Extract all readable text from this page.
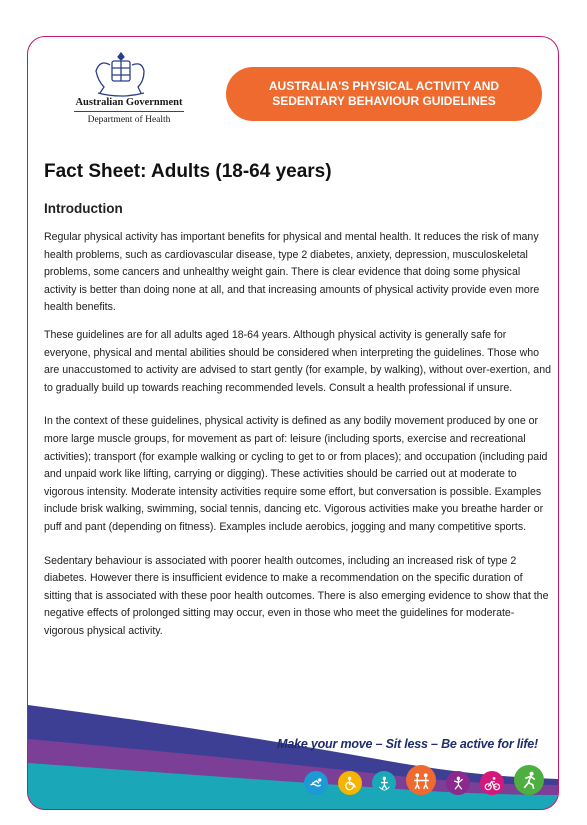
Australian Government
Department of Health
AUSTRALIA'S PHYSICAL ACTIVITY AND
SEDENTARY BEHAVIOUR GUIDELINES
Fact Sheet: Adults (18-64 years)
Introduction

Regular physical activity has important benefits for physical and mental health. It reduces the risk of many health problems, such as cardiovascular disease, type 2 diabetes, anxiety, depression, musculoskeletal problems, some cancers and unhealthy weight gain. There is clear evidence that doing some physical activity is better than doing none at all, and that increasing amounts of physical activity provide even more health benefits.

These guidelines are for all adults aged 18-64 years. Although physical activity is generally safe for everyone, physical and mental abilities should be considered when interpreting the guidelines. Those who are unaccustomed to activity are advised to start gently (for example, by walking), without over-exertion, and to gradually build up towards reaching recommended levels. Consult a health professional if unsure.

In the context of these guidelines, physical activity is defined as any bodily movement produced by one or more large muscle groups, for movement as part of: leisure (including sports, exercise and recreational activities); transport (for example walking or cycling to get to or from places); and occupation (including paid and unpaid work like lifting, carrying or digging). These activities should be carried out at moderate to vigorous intensity. Moderate intensity activities require some effort, but conversation is possible. Examples include brisk walking, swimming, social tennis, dancing etc. Vigorous activities make you breathe harder or puff and pant (depending on fitness). Examples include aerobics, jogging and many competitive sports.

Sedentary behaviour is associated with poorer health outcomes, including an increased risk of type 2 diabetes. However there is insufficient evidence to make a recommendation on the specific duration of sitting that is associated with these poor health outcomes. There is also emerging evidence to show that the negative effects of prolonged sitting may occur, even in those who meet the guidelines for moderate-vigorous physical activity.

Make your move – Sit less – Be active for life!
